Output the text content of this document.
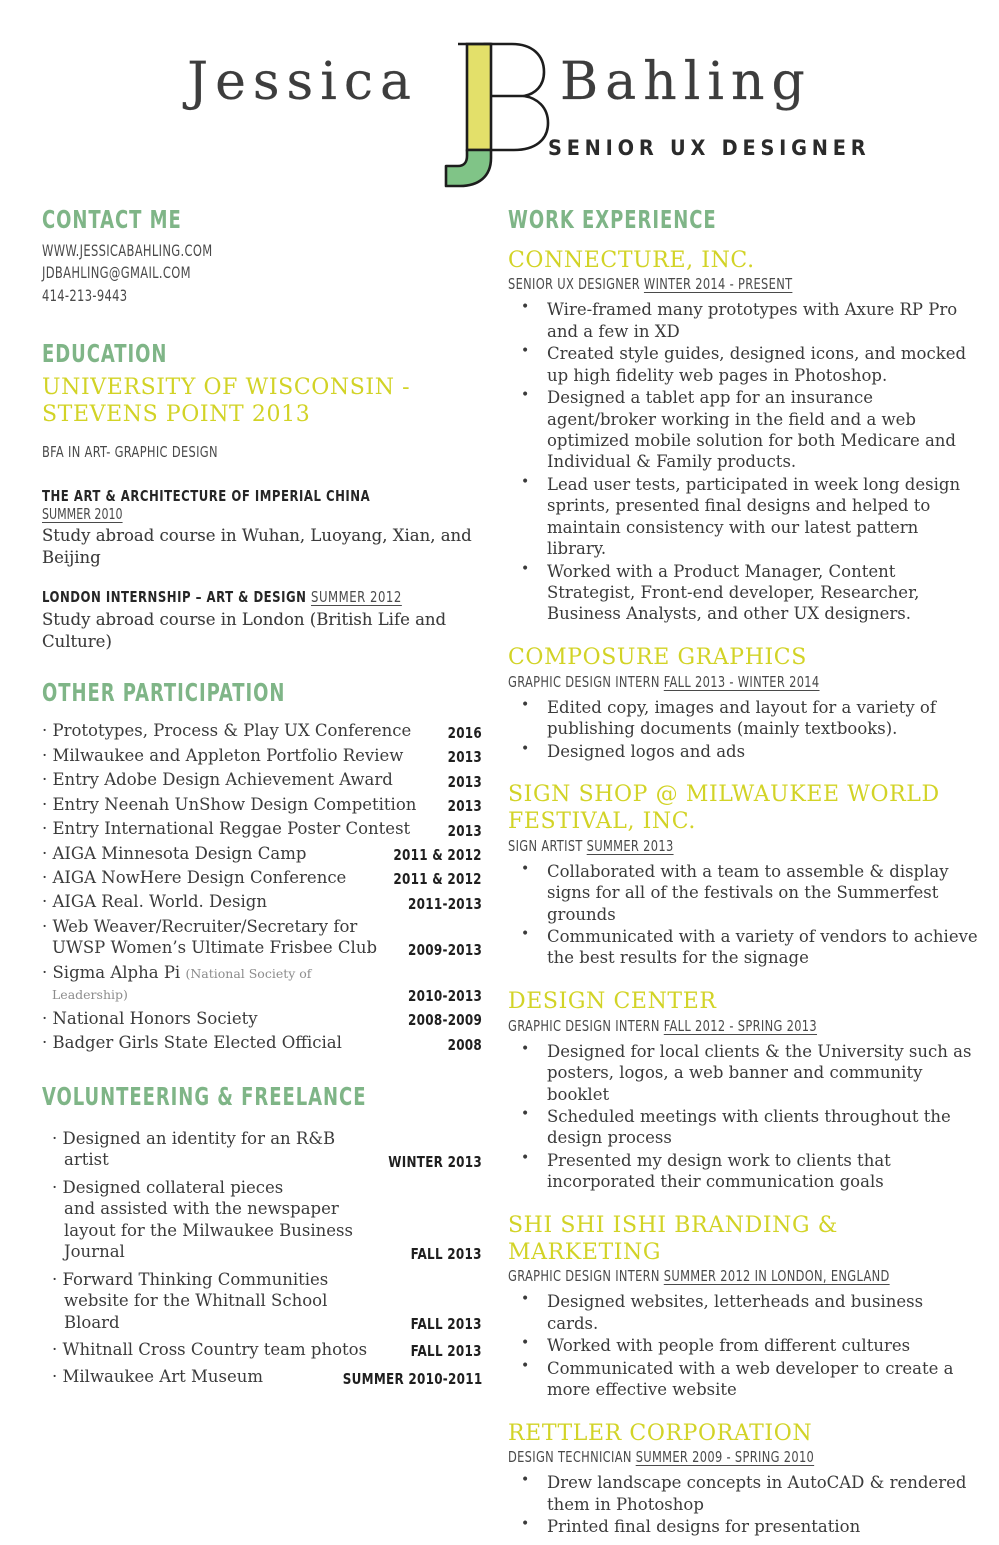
Jessica	Bahling
SENIOR UX DESIGNER
CONTACT ME
WWW.JESSICABAHLING.COM
JDBAHLING@GMAIL.COM
414-213-9443
EDUCATION
UNIVERSITY OF WISCONSIN - STEVENS POINT 2013
BFA IN ART- GRAPHIC DESIGN
THE ART & ARCHITECTURE OF IMPERIAL CHINA
SUMMER 2010
Study abroad course in Wuhan, Luoyang, Xian, and Beijing
LONDON INTERNSHIP – ART & DESIGN SUMMER 2012
Study abroad course in London (British Life and Culture)
OTHER PARTICIPATION
· Prototypes, Process & Play UX Conference	2016
· Milwaukee and Appleton Portfolio Review	2013
· Entry Adobe Design Achievement Award	2013
· Entry Neenah UnShow Design Competition	2013
· Entry International Reggae Poster Contest	2013
· AIGA Minnesota Design Camp	2011 & 2012
· AIGA NowHere Design Conference	2011 & 2012
· AIGA Real. World. Design	2011-2013
· Web Weaver/Recruiter/Secretary for
UWSP Women’s Ultimate Frisbee Club	2009-2013
· Sigma Alpha Pi (National Society of Leadership)	2010-2013
· National Honors Society	2008-2009
· Badger Girls State Elected Official	2008
VOLUNTEERING & FREELANCE
· Designed an identity for an R&B artist	WINTER 2013
· Designed collateral pieces
and assisted with the newspaper
layout for the Milwaukee Business Journal	FALL 2013
· Forward Thinking Communities
website for the Whitnall School Bloard	FALL 2013
· Whitnall Cross Country team photos	FALL 2013
· Milwaukee Art Museum	SUMMER 2010-2011
WORK EXPERIENCE
CONNECTURE, INC.
SENIOR UX DESIGNER WINTER 2014 - PRESENT
• Wire-framed many prototypes with Axure RP Pro and a few in XD
• Created style guides, designed icons, and mocked up high fidelity web pages in Photoshop.
• Designed a tablet app for an insurance agent/broker working in the field and a web optimized mobile solution for both Medicare and Individual & Family products.
• Lead user tests, participated in week long design sprints, presented final designs and helped to maintain consistency with our latest pattern library.
• Worked with a Product Manager, Content Strategist, Front-end developer, Researcher, Business Analysts, and other UX designers.
COMPOSURE GRAPHICS
GRAPHIC DESIGN INTERN FALL 2013 - WINTER 2014
• Edited copy, images and layout for a variety of publishing documents (mainly textbooks).
• Designed logos and ads
SIGN SHOP @ MILWAUKEE WORLD FESTIVAL, INC.
SIGN ARTIST SUMMER 2013
• Collaborated with a team to assemble & display signs for all of the festivals on the Summerfest grounds
• Communicated with a variety of vendors to achieve the best results for the signage
DESIGN CENTER
GRAPHIC DESIGN INTERN FALL 2012 - SPRING 2013
• Designed for local clients & the University such as posters, logos, a web banner and community booklet
• Scheduled meetings with clients throughout the design process
• Presented my design work to clients that incorporated their communication goals
SHI SHI ISHI BRANDING & MARKETING
GRAPHIC DESIGN INTERN SUMMER 2012 IN LONDON, ENGLAND
• Designed websites, letterheads and business cards.
• Worked with people from different cultures
• Communicated with a web developer to create a more effective website
RETTLER CORPORATION
DESIGN TECHNICIAN SUMMER 2009 - SPRING 2010
• Drew landscape concepts in AutoCAD & rendered them in Photoshop
• Printed final designs for presentation
